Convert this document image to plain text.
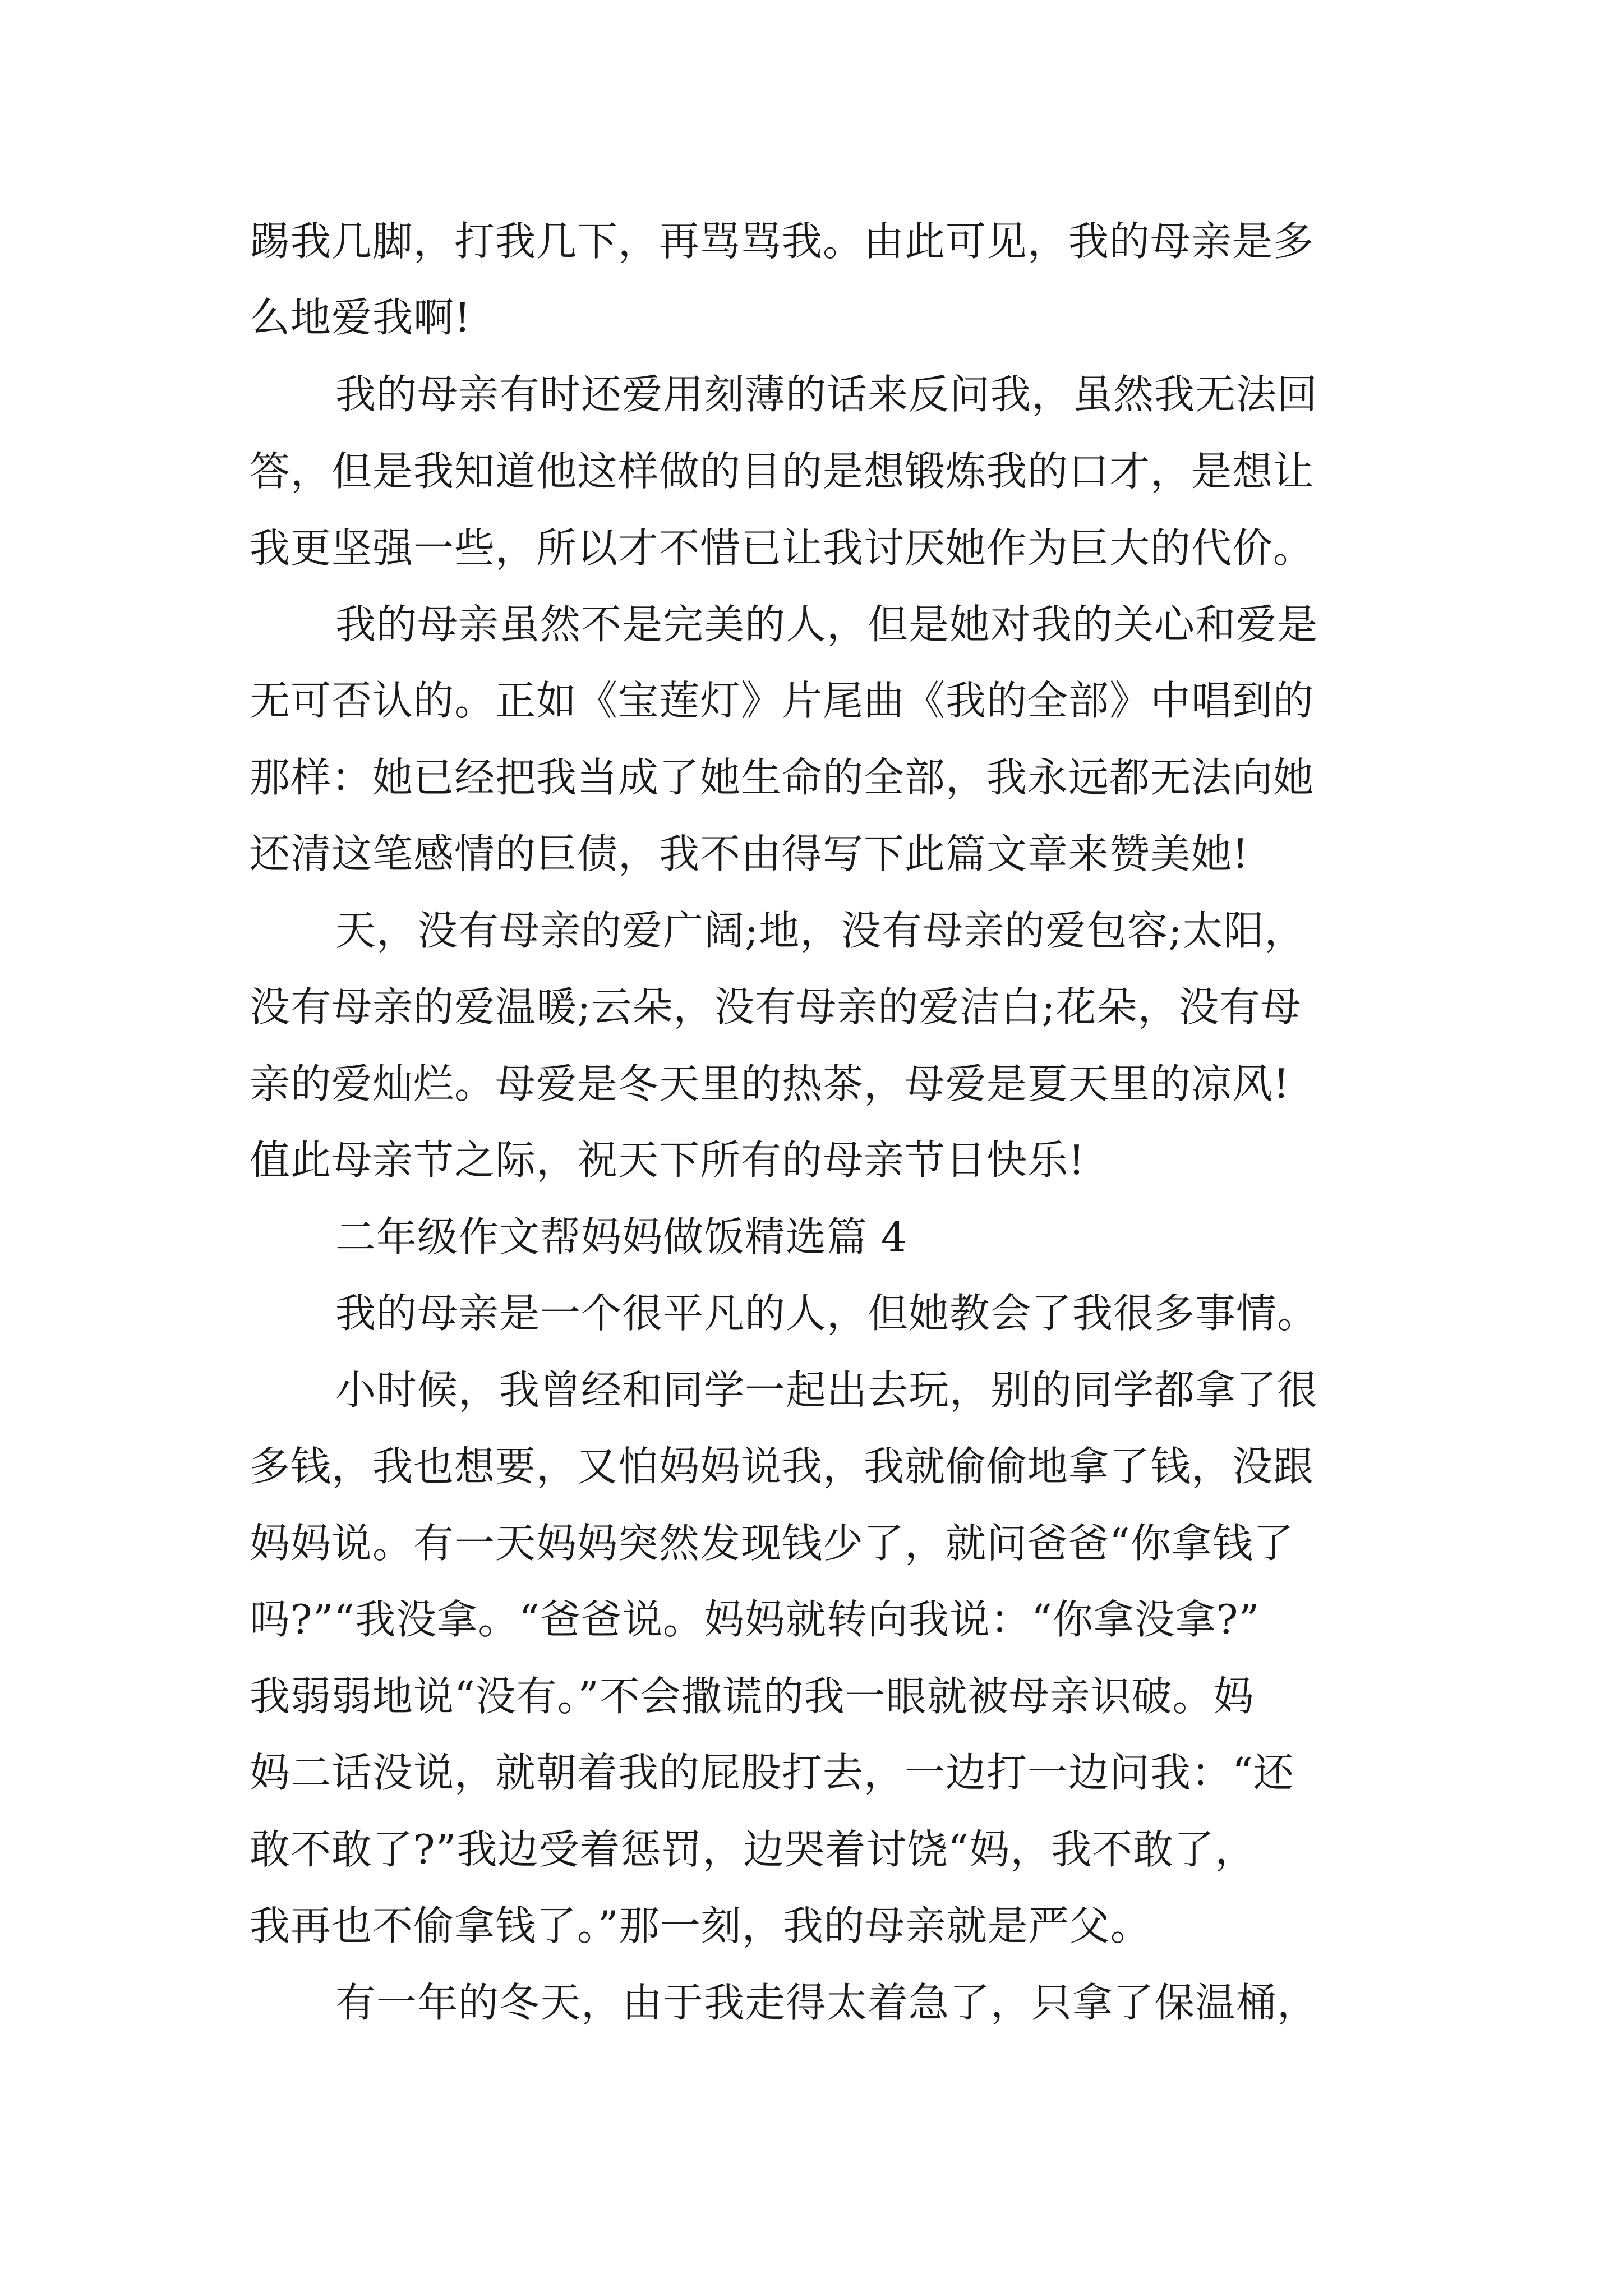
踢我几脚，打我几下，再骂骂我。由此可见，我的母亲是多
么地爱我啊!
我的母亲有时还爱用刻薄的话来反问我，虽然我无法回
答，但是我知道他这样做的目的是想锻炼我的口才，是想让
我更坚强一些，所以才不惜已让我讨厌她作为巨大的代价。
我的母亲虽然不是完美的人，但是她对我的关心和爱是
无可否认的。正如《宝莲灯》片尾曲《我的全部》中唱到的
那样：她已经把我当成了她生命的全部，我永远都无法向她
还清这笔感情的巨债，我不由得写下此篇文章来赞美她!
天，没有母亲的爱广阔;地，没有母亲的爱包容;太阳，
没有母亲的爱温暖;云朵，没有母亲的爱洁白;花朵，没有母
亲的爱灿烂。母爱是冬天里的热茶，母爱是夏天里的凉风!
值此母亲节之际，祝天下所有的母亲节日快乐!
二年级作文帮妈妈做饭精选篇 4
我的母亲是一个很平凡的人，但她教会了我很多事情。
小时候，我曾经和同学一起出去玩，别的同学都拿了很
多钱，我也想要，又怕妈妈说我，我就偷偷地拿了钱，没跟
妈妈说。有一天妈妈突然发现钱少了，就问爸爸“你拿钱了
吗?”“我没拿。“爸爸说。妈妈就转向我说：“你拿没拿?”
我弱弱地说“没有。”不会撒谎的我一眼就被母亲识破。妈
妈二话没说，就朝着我的屁股打去，一边打一边问我：“还
敢不敢了?”我边受着惩罚，边哭着讨饶“妈，我不敢了，
我再也不偷拿钱了。”那一刻，我的母亲就是严父。
有一年的冬天，由于我走得太着急了，只拿了保温桶，
